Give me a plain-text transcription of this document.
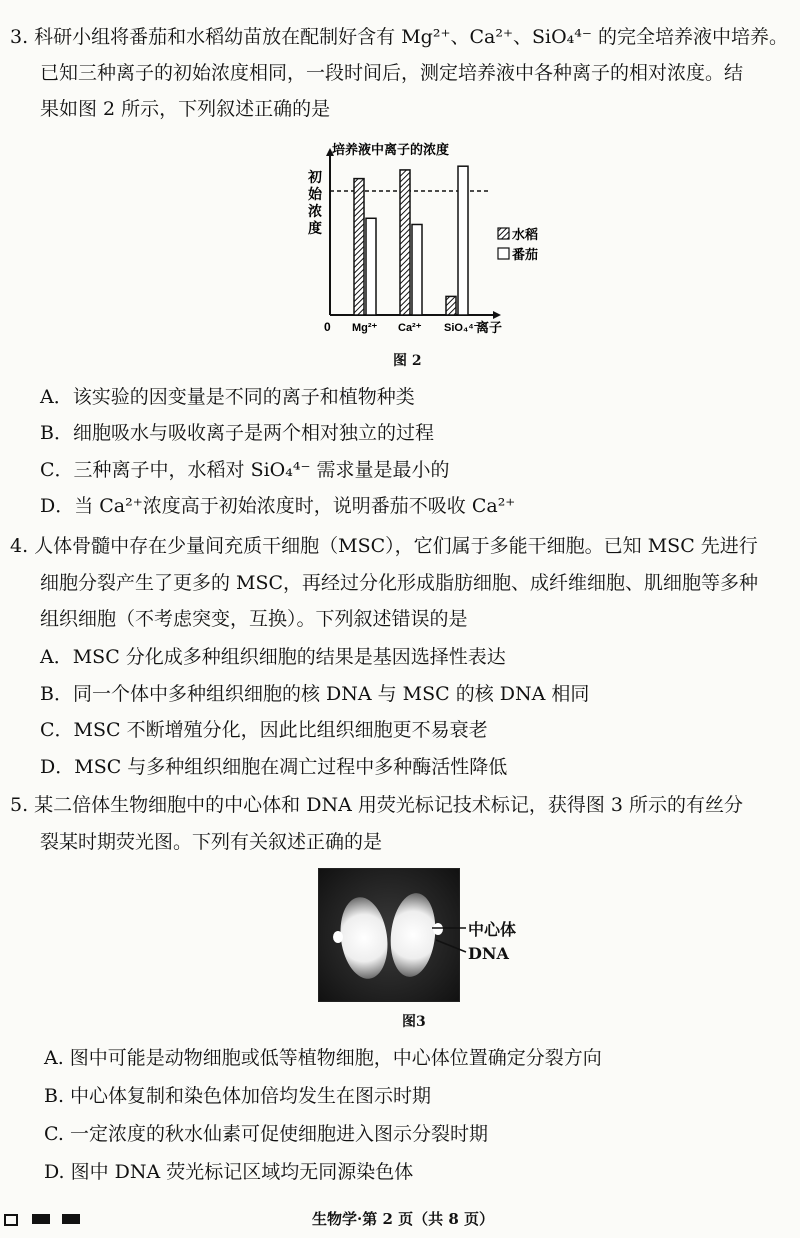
3. 科研小组将番茄和水稻幼苗放在配制好含有 Mg²⁺、Ca²⁺、SiO₄⁴⁻ 的完全培养液中培养。
已知三种离子的初始浓度相同，一段时间后，测定培养液中各种离子的相对浓度。结
果如图 2 所示，下列叙述正确的是
培养液中离子的浓度
初
始
浓
度
0	离子
Mg²⁺ Ca²⁺ SiO₄⁴⁻
水稻
番茄
图 2
A．该实验的因变量是不同的离子和植物种类
B．细胞吸水与吸收离子是两个相对独立的过程
C．三种离子中，水稻对 SiO₄⁴⁻ 需求量是最小的
D．当 Ca²⁺浓度高于初始浓度时，说明番茄不吸收 Ca²⁺
4. 人体骨髓中存在少量间充质干细胞（MSC），它们属于多能干细胞。已知 MSC 先进行
细胞分裂产生了更多的 MSC，再经过分化形成脂肪细胞、成纤维细胞、肌细胞等多种
组织细胞（不考虑突变，互换）。下列叙述错误的是
A．MSC 分化成多种组织细胞的结果是基因选择性表达
B．同一个体中多种组织细胞的核 DNA 与 MSC 的核 DNA 相同
C．MSC 不断增殖分化，因此比组织细胞更不易衰老
D．MSC 与多种组织细胞在凋亡过程中多种酶活性降低
5. 某二倍体生物细胞中的中心体和 DNA 用荧光标记技术标记，获得图 3 所示的有丝分
裂某时期荧光图。下列有关叙述正确的是
中心体
DNA
图3
A. 图中可能是动物细胞或低等植物细胞，中心体位置确定分裂方向
B. 中心体复制和染色体加倍均发生在图示时期
C. 一定浓度的秋水仙素可促使细胞进入图示分裂时期
D. 图中 DNA 荧光标记区域均无同源染色体
生物学·第 2 页（共 8 页）
